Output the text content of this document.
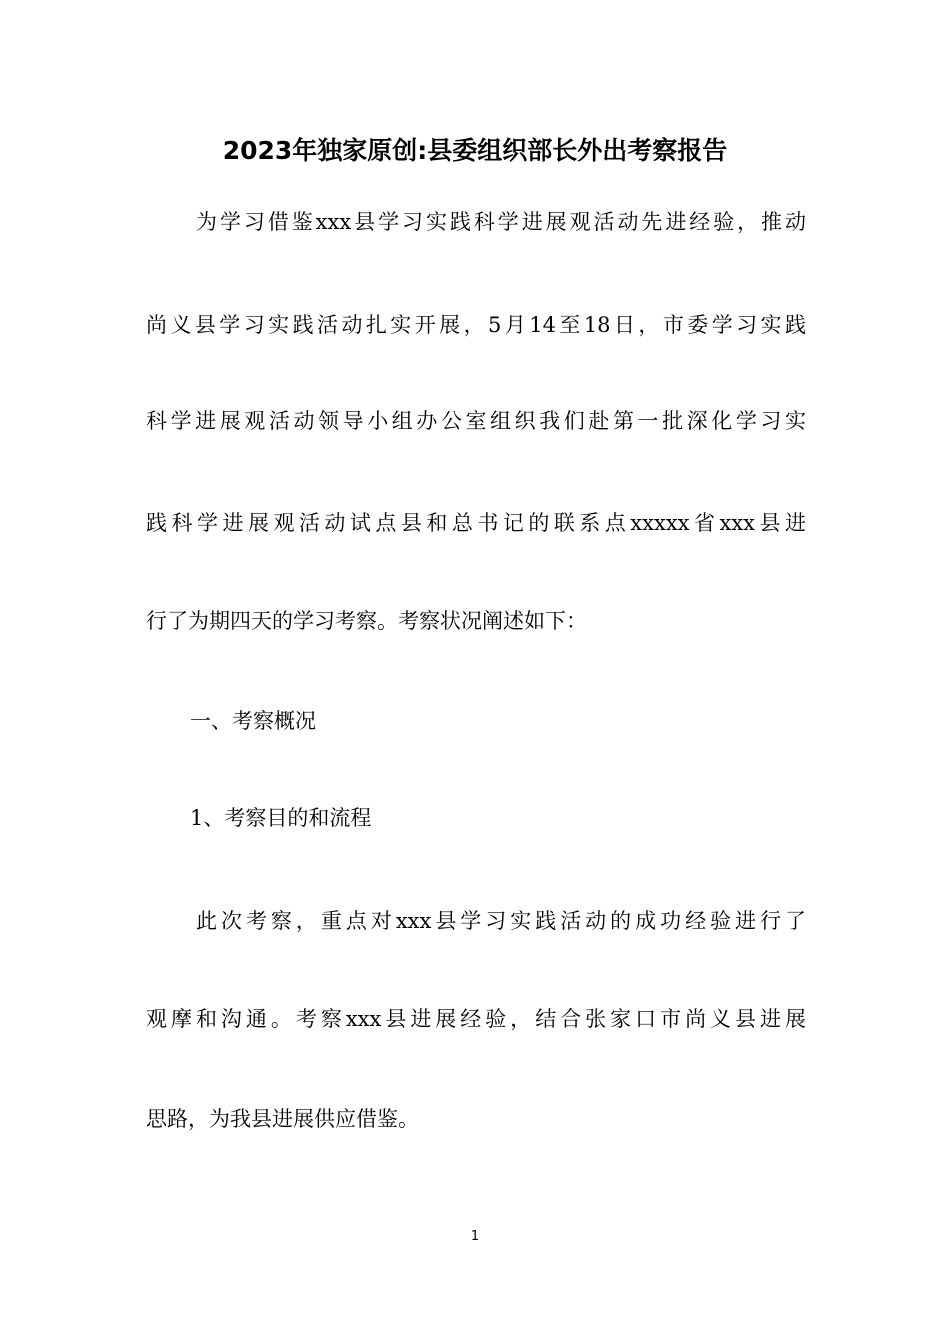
2023年独家原创:县委组织部长外出考察报告
为学习借鉴xxx县学习实践科学进展观活动先进经验，推动
尚义县学习实践活动扎实开展，5月14至18日，市委学习实践
科学进展观活动领导小组办公室组织我们赴第一批深化学习实
践科学进展观活动试点县和总书记的联系点xxxxx省xxx县进
行了为期四天的学习考察。考察状况阐述如下：
一、考察概况
1、考察目的和流程
此次考察，重点对xxx县学习实践活动的成功经验进行了
观摩和沟通。考察xxx县进展经验，结合张家口市尚义县进展
思路，为我县进展供应借鉴。
1
